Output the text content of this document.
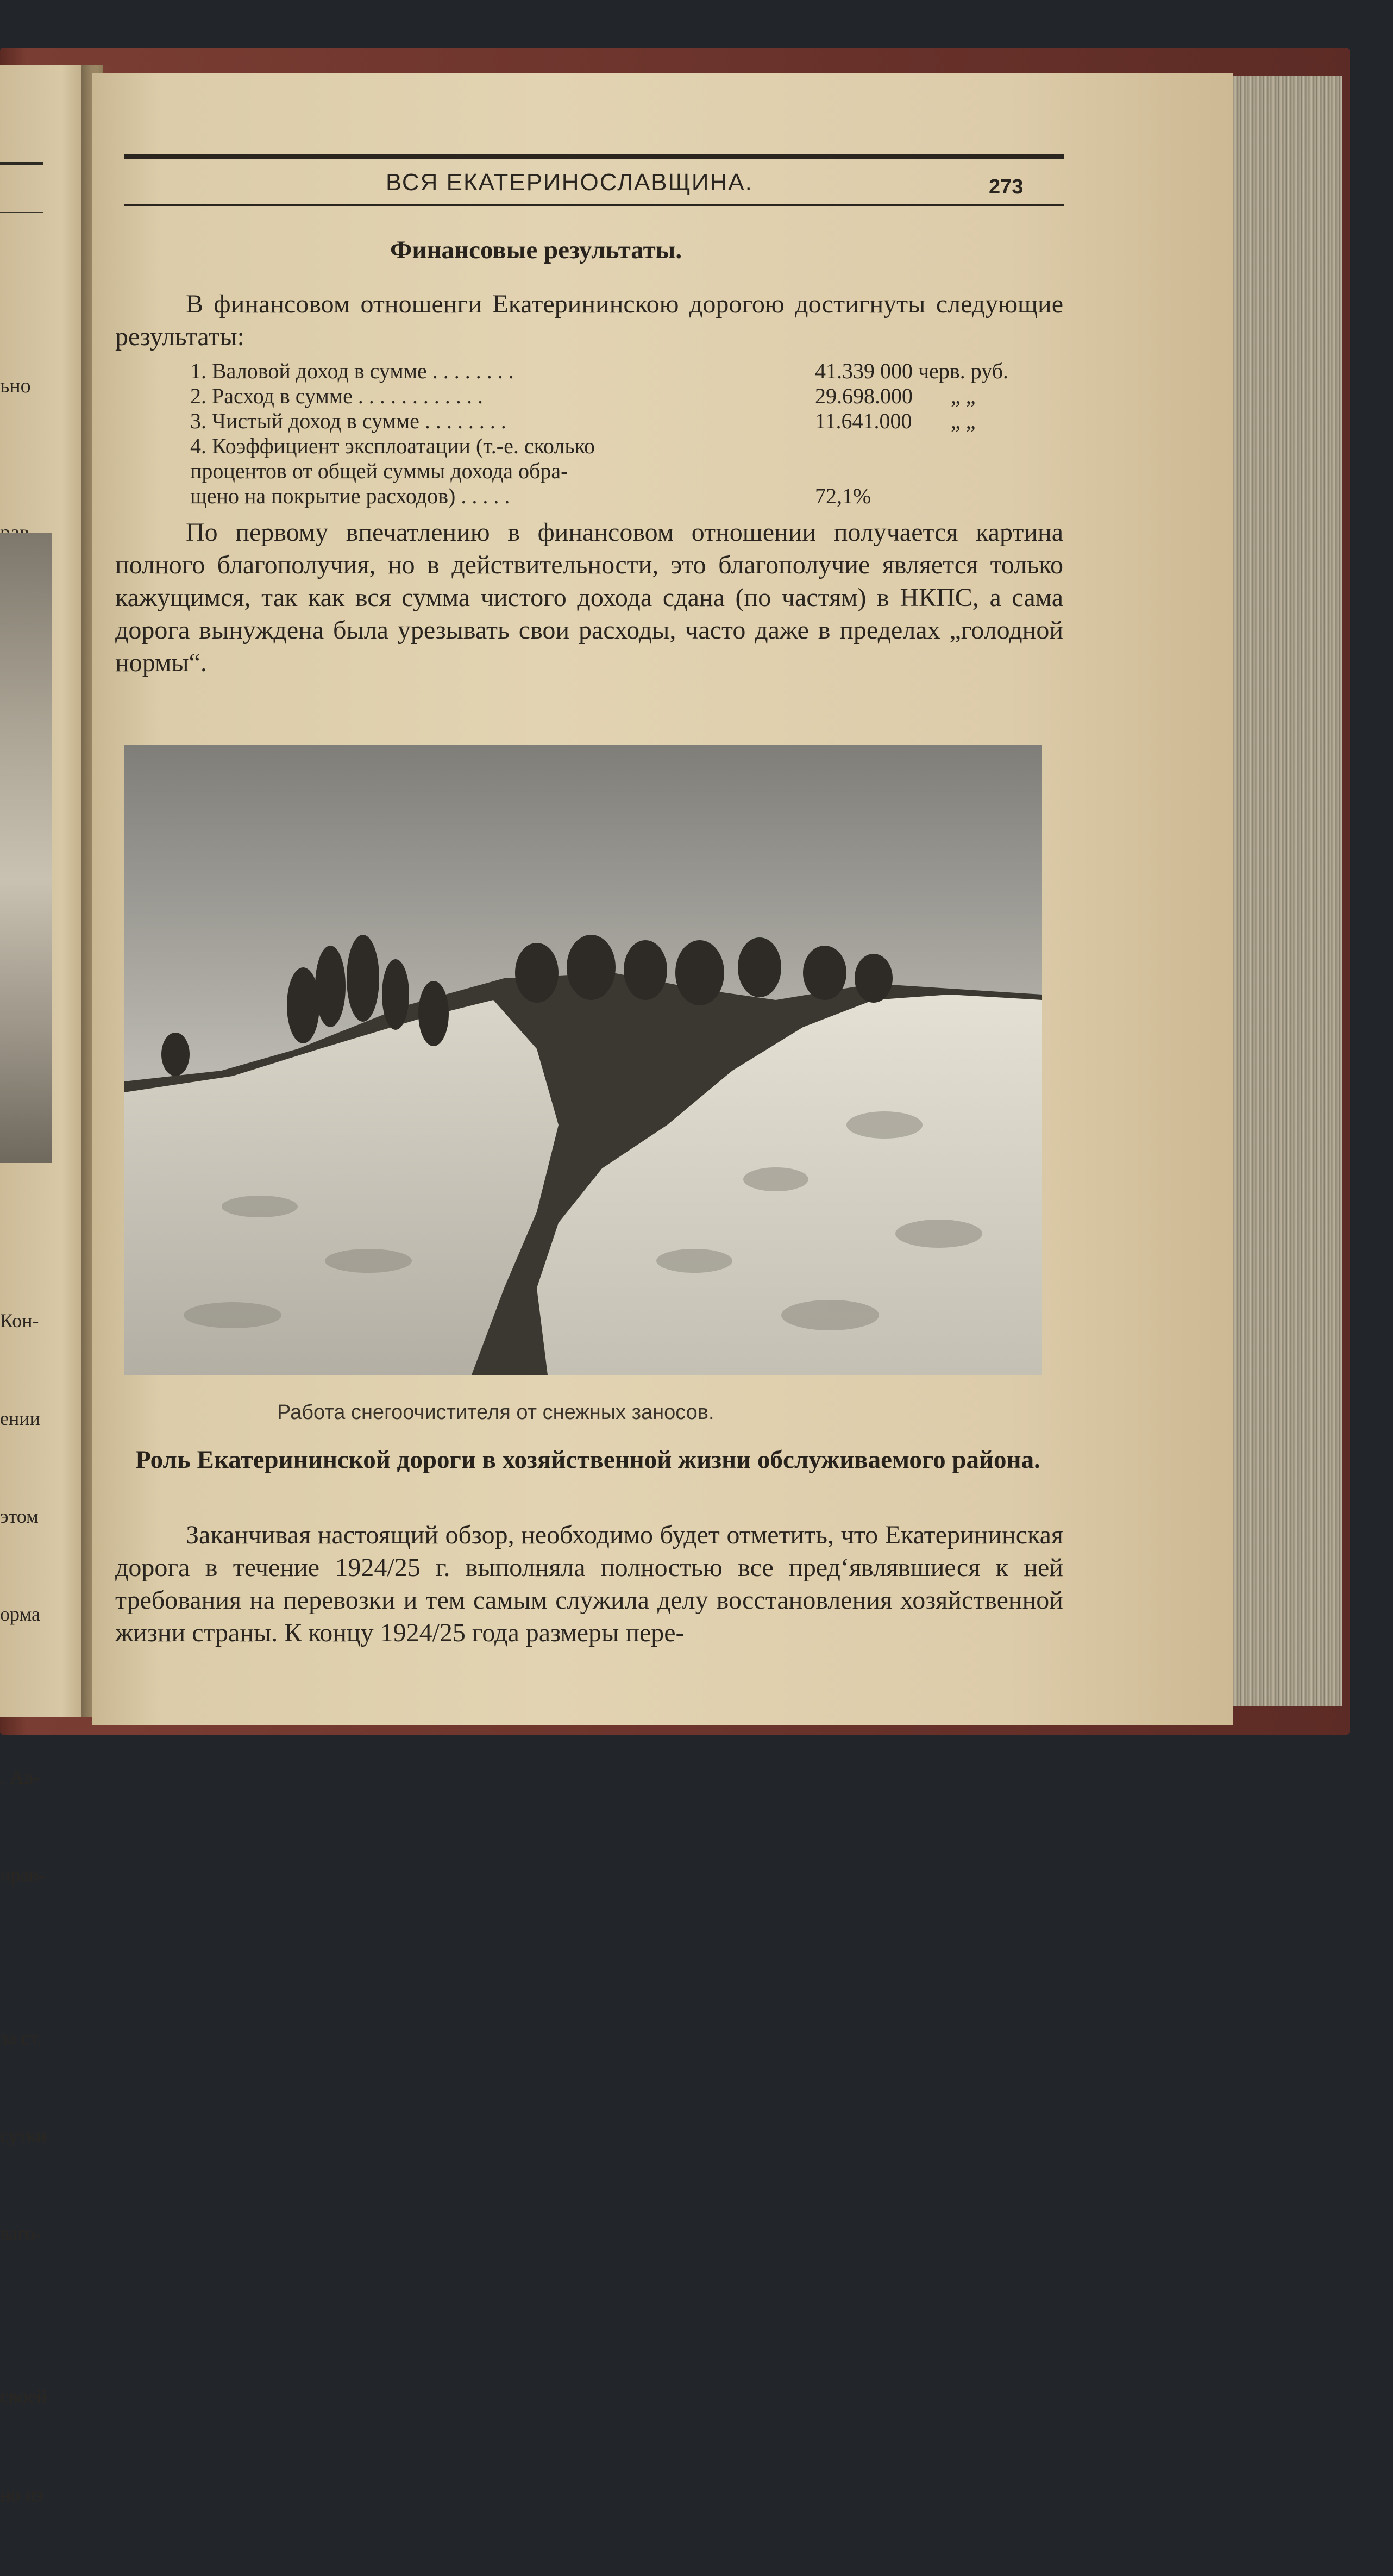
ьно

Кон-

ении

этом

орма

. Ав-

прав-

за ст.

сутки

ваго-

своей

но из

ВСЯ ЕКАТЕРИНОСЛАВЩИНА.	273
Финансовые результаты.

В финансовом отношенги Екатерининскою дорогою достигнуты следующие результаты:

1. Валовой доход в сумме . . . . . . . .	41.339 000 черв. руб.
2. Расход в сумме . . . . . . . . . . . .	29.698.000 „ „
3. Чистый доход в сумме . . . . . . . .	11.641.000 „ „
4. Коэффициент эксплоатации (т.-е. сколько
процентов от общей суммы дохода обра-
щено на покрытие расходов) . . . . .	72,1%

По первому впечатлению в финансовом отношении получается картина полного благополучия, но в действительности, это благополучие является только кажущимся, так как вся сумма чистого дохода сдана (по частям) в НКПС, а сама дорога вынуждена была урезывать свои расходы, часто даже в пределах „голодной нормы“.

Работа снегоочистителя от снежных заносов.
Роль Екатерининской дороги в хозяйственной жизни обслуживаемого района.

Заканчивая настоящий обзор, необходимо будет отметить, что Екатерининская дорога в течение 1924/25 г. выполняла полностью все пред‘являвшиеся к ней требования на перевозки и тем самым служила делу восстановления хозяйственной жизни страны. К концу 1924/25 года размеры пере-
